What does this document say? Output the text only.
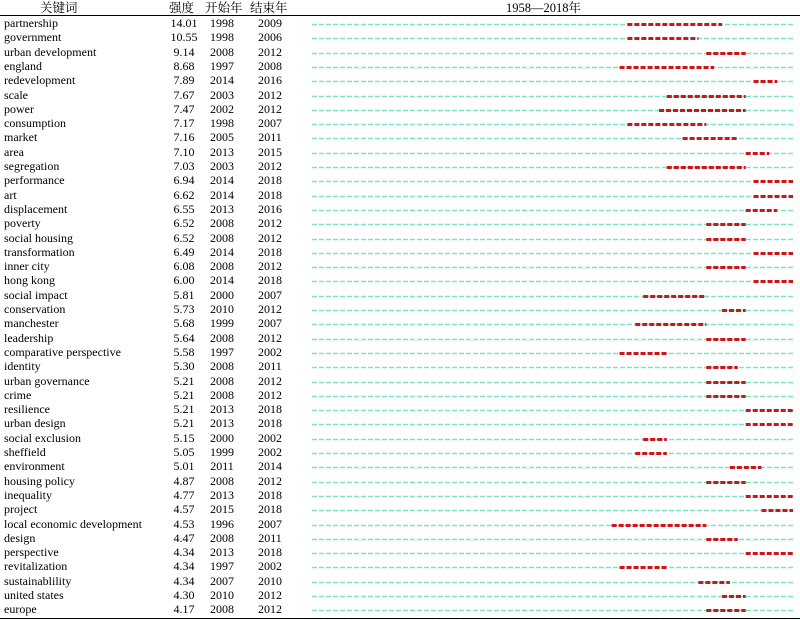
关键词	强度 开始年 结束年	1958—2018年
partnership	14.01	1998	2009
government	10.55	1998	2006
urban development	9.14	2008	2012
england	8.68	1997	2008
redevelopment	7.89	2014	2016
scale	7.67	2003	2012
power	7.47	2002	2012
consumption	7.17	1998	2007
market	7.16	2005	2011
area	7.10	2013	2015
segregation	7.03	2003	2012
performance	6.94	2014	2018
art	6.62	2014	2018
displacement	6.55	2013	2016
poverty	6.52	2008	2012
social housing	6.52	2008	2012
transformation	6.49	2014	2018
inner city	6.08	2008	2012
hong kong	6.00	2014	2018
social impact	5.81	2000	2007
conservation	5.73	2010	2012
manchester	5.68	1999	2007
leadership	5.64	2008	2012
comparative perspective	5.58	1997	2002
identity	5.30	2008	2011
urban governance	5.21	2008	2012
crime	5.21	2008	2012
resilience	5.21	2013	2018
urban design	5.21	2013	2018
social exclusion	5.15	2000	2002
sheffield	5.05	1999	2002
environment	5.01	2011	2014
housing policy	4.87	2008	2012
inequality	4.77	2013	2018
project	4.57	2015	2018
local economic development	4.53	1996	2007
design	4.47	2008	2011
perspective	4.34	2013	2018
revitalization	4.34	1997	2002
sustainablility	4.34	2007	2010
united states	4.30	2010	2012
europe	4.17	2008	2012
